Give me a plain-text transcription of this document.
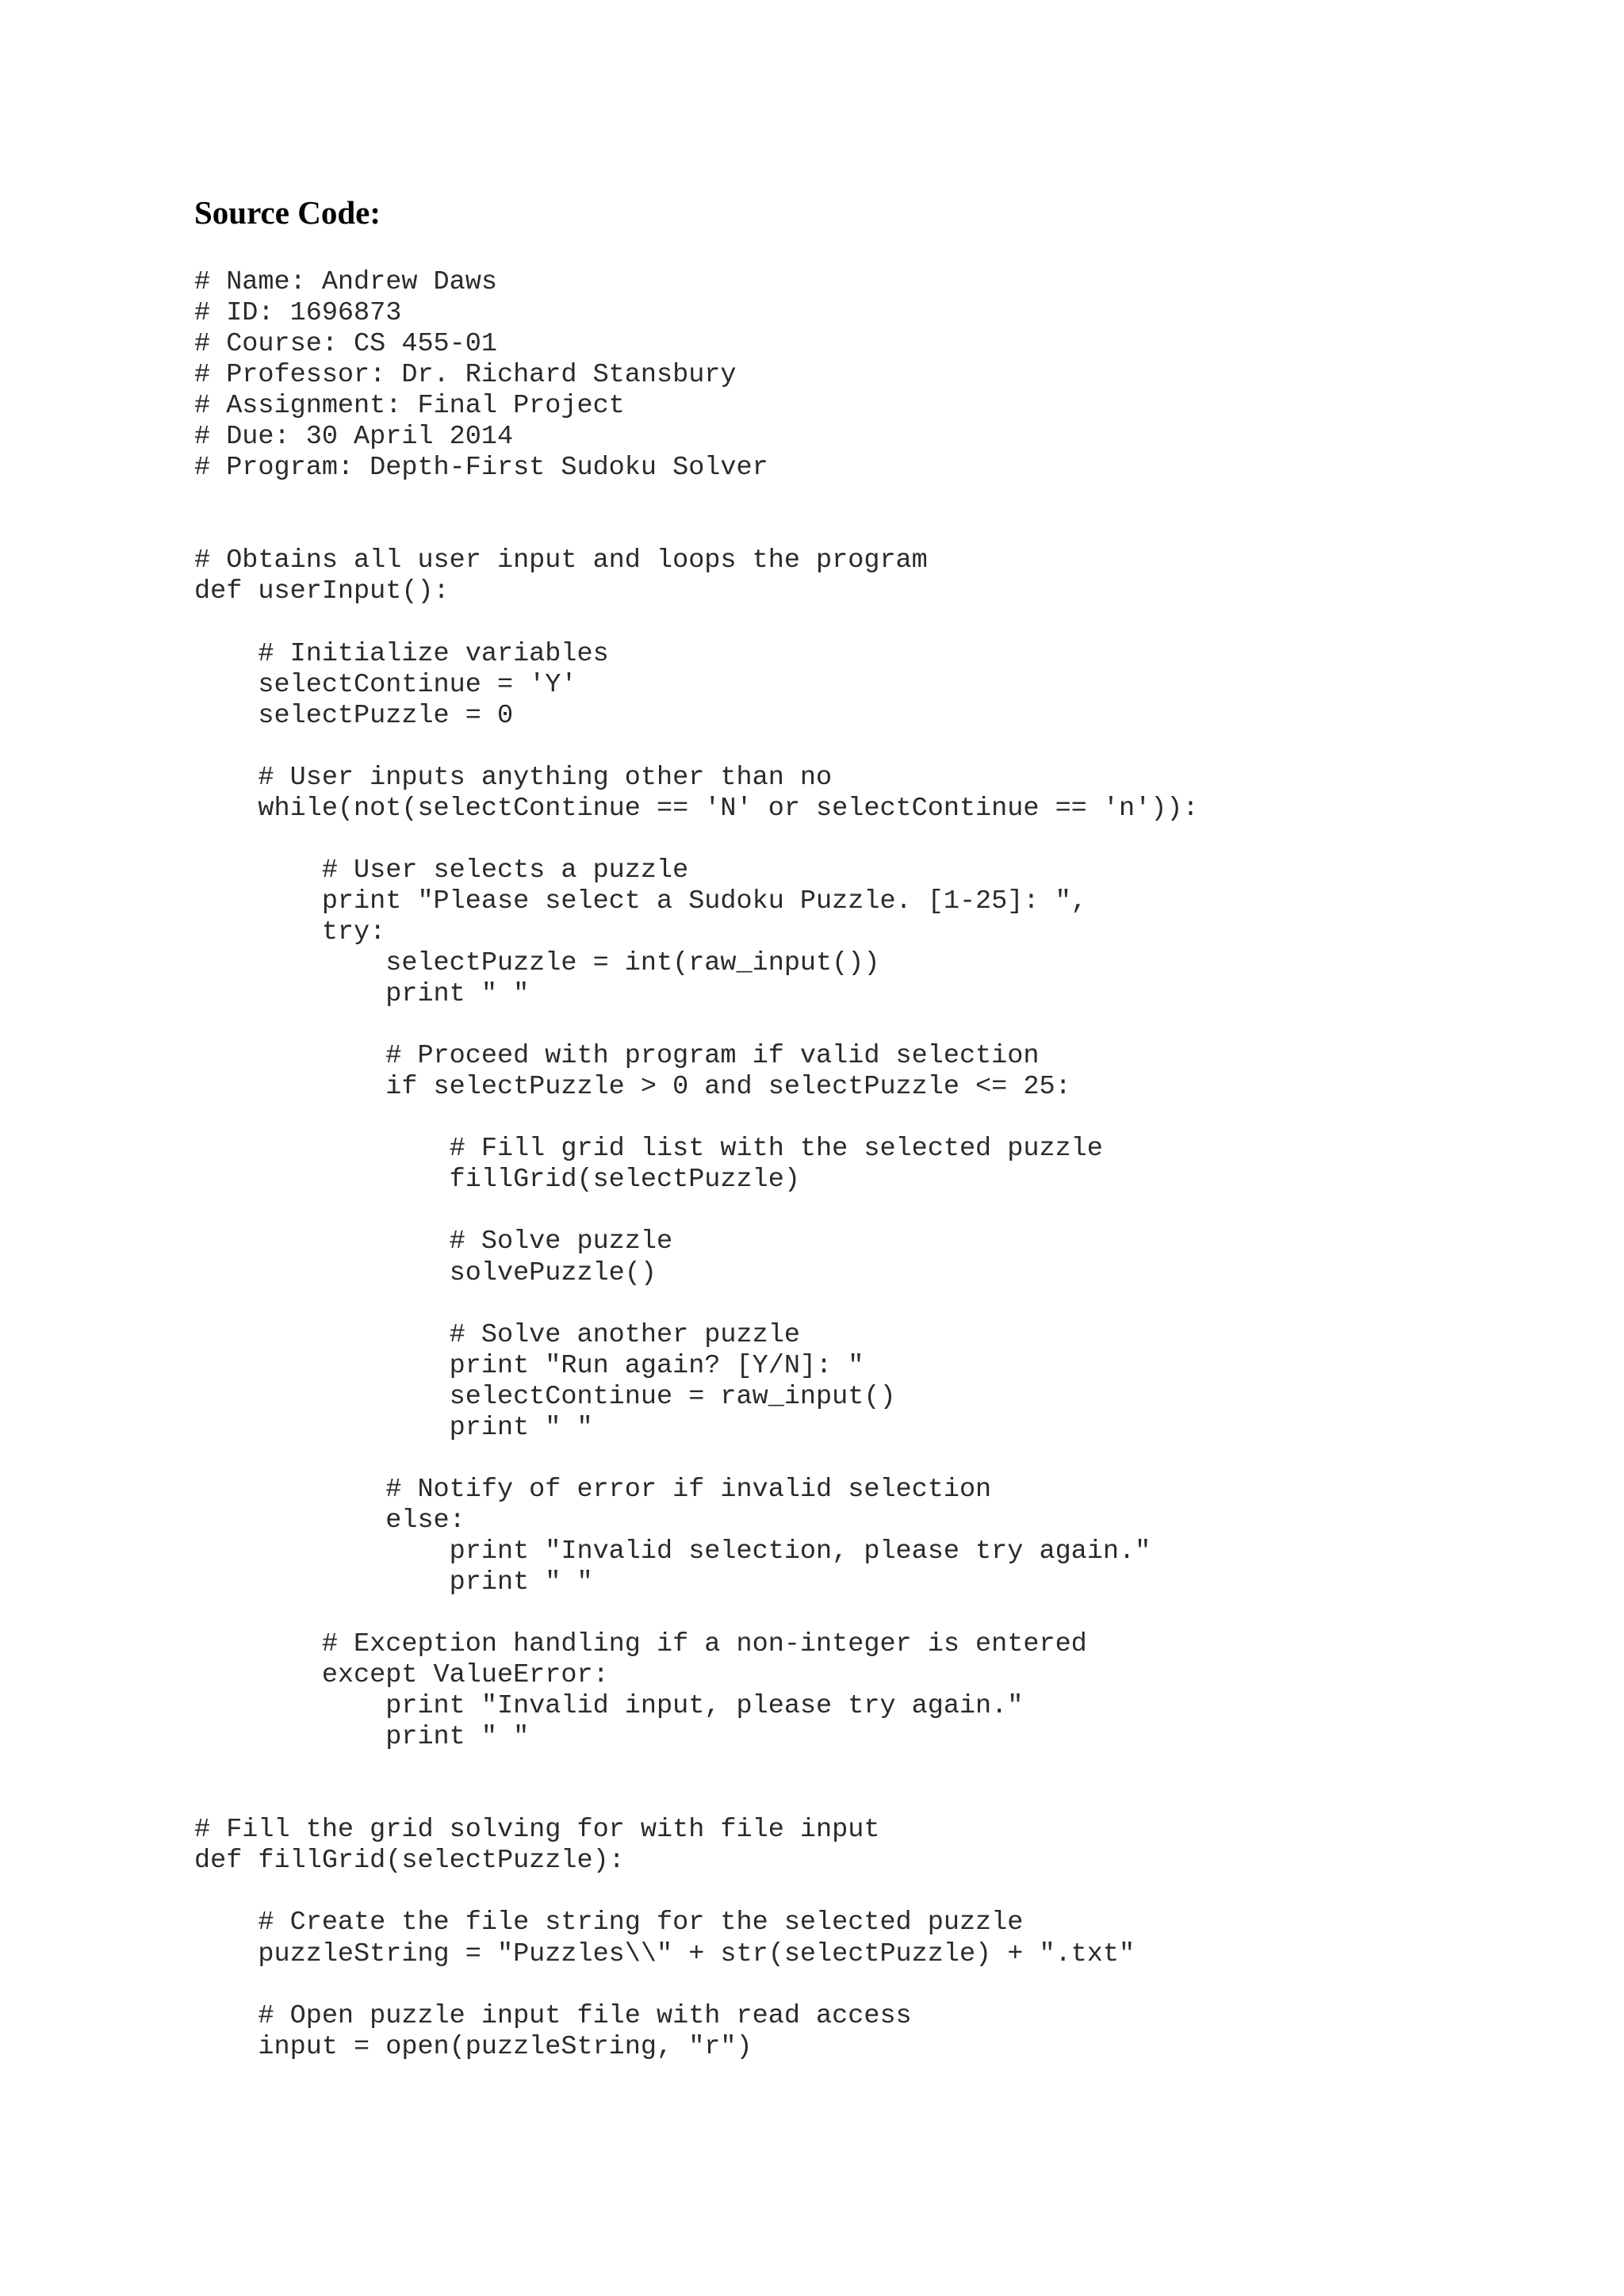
Source Code:
# Name: Andrew Daws
# ID: 1696873
# Course: CS 455-01
# Professor: Dr. Richard Stansbury
# Assignment: Final Project
# Due: 30 April 2014
# Program: Depth-First Sudoku Solver
# Obtains all user input and loops the program
def userInput():
# Initialize variables
selectContinue = 'Y'
selectPuzzle = 0
# User inputs anything other than no
while(not(selectContinue == 'N' or selectContinue == 'n')):
# User selects a puzzle
print "Please select a Sudoku Puzzle. [1-25]: ",
try:
selectPuzzle = int(raw_input())
print " "
# Proceed with program if valid selection
if selectPuzzle > 0 and selectPuzzle <= 25:
# Fill grid list with the selected puzzle
fillGrid(selectPuzzle)
# Solve puzzle
solvePuzzle()
# Solve another puzzle
print "Run again? [Y/N]: "
selectContinue = raw_input()
print " "
# Notify of error if invalid selection
else:
print "Invalid selection, please try again."
print " "
# Exception handling if a non-integer is entered
except ValueError:
print "Invalid input, please try again."
print " "
# Fill the grid solving for with file input
def fillGrid(selectPuzzle):
# Create the file string for the selected puzzle
puzzleString = "Puzzles\\" + str(selectPuzzle) + ".txt"
# Open puzzle input file with read access
input = open(puzzleString, "r")
